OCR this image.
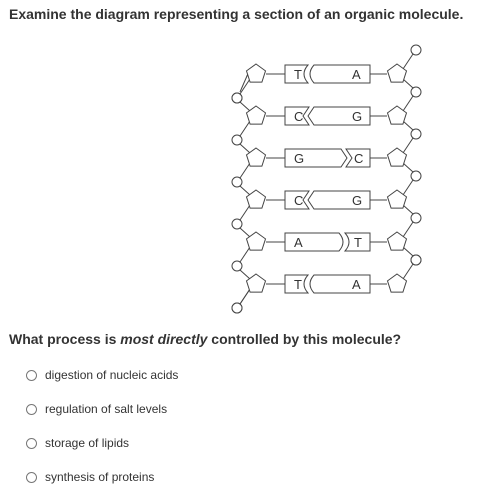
Examine the diagram representing a section of an organic molecule.
T	A
C	G
G	C
C	G
A	T
T	A
What process is most directly controlled by this molecule?
digestion of nucleic acids
regulation of salt levels
storage of lipids
synthesis of proteins
